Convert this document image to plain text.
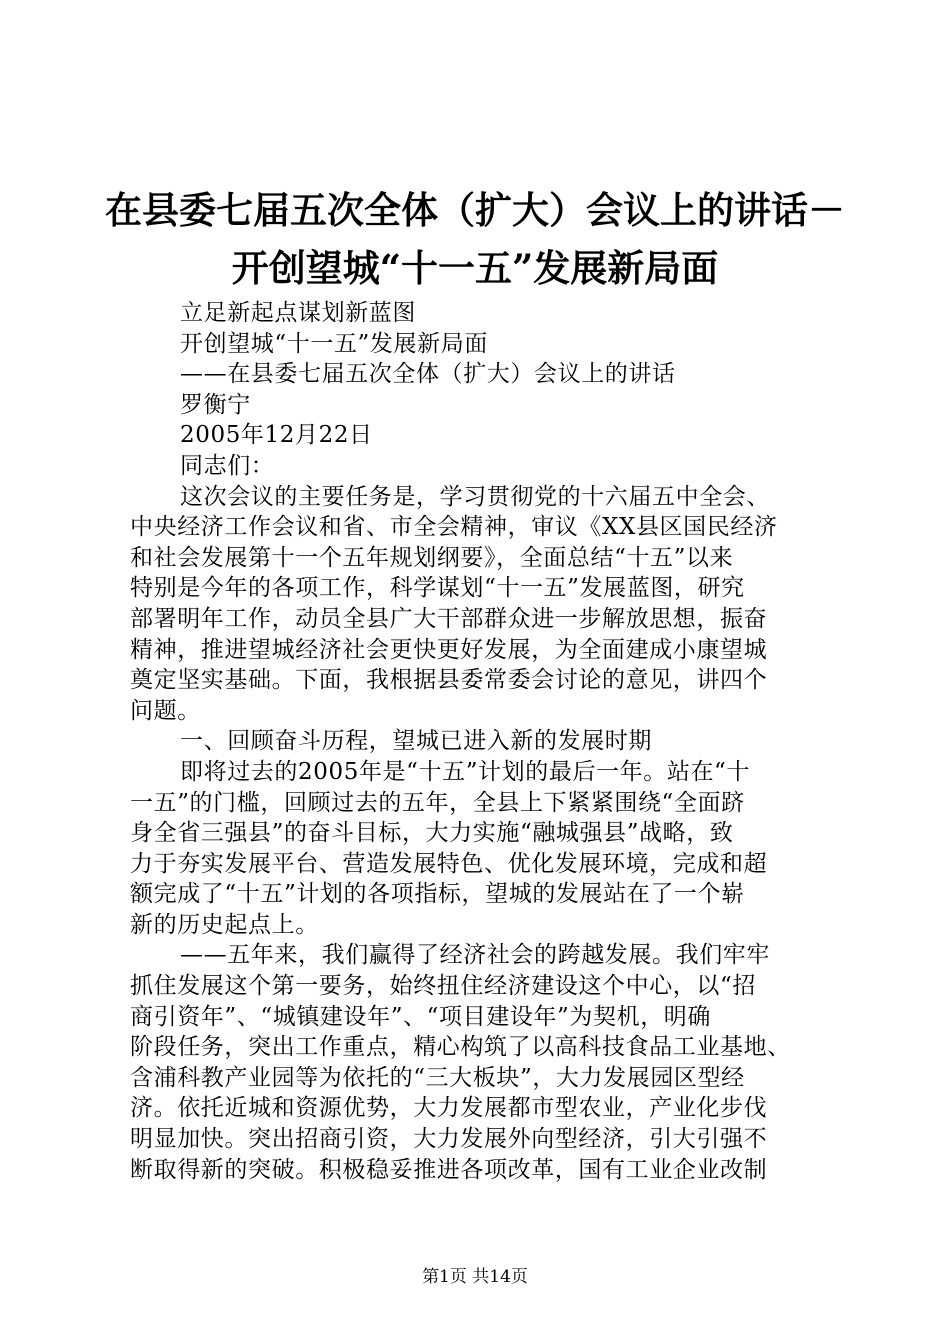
在县委七届五次全体（扩大）会议上的讲话－
开创望城“十一五”发展新局面
立足新起点谋划新蓝图
开创望城“十一五”发展新局面
——在县委七届五次全体（扩大）会议上的讲话
罗衡宁
2005年12月22日
同志们：
这次会议的主要任务是，学习贯彻党的十六届五中全会、
中央经济工作会议和省、市全会精神，审议《XX县区国民经济
和社会发展第十一个五年规划纲要》，全面总结“十五”以来
特别是今年的各项工作，科学谋划“十一五”发展蓝图，研究
部署明年工作，动员全县广大干部群众进一步解放思想，振奋
精神，推进望城经济社会更快更好发展，为全面建成小康望城
奠定坚实基础。下面，我根据县委常委会讨论的意见，讲四个
问题。
一、回顾奋斗历程，望城已进入新的发展时期
即将过去的2005年是“十五”计划的最后一年。站在“十
一五”的门槛，回顾过去的五年，全县上下紧紧围绕“全面跻
身全省三强县”的奋斗目标，大力实施“融城强县”战略，致
力于夯实发展平台、营造发展特色、优化发展环境，完成和超
额完成了“十五”计划的各项指标，望城的发展站在了一个崭
新的历史起点上。
——五年来，我们赢得了经济社会的跨越发展。我们牢牢
抓住发展这个第一要务，始终扭住经济建设这个中心，以“招
商引资年”、“城镇建设年”、“项目建设年”为契机，明确
阶段任务，突出工作重点，精心构筑了以高科技食品工业基地、
含浦科教产业园等为依托的“三大板块”，大力发展园区型经
济。依托近城和资源优势，大力发展都市型农业，产业化步伐
明显加快。突出招商引资，大力发展外向型经济，引大引强不
断取得新的突破。积极稳妥推进各项改革，国有工业企业改制
第1页 共14页
